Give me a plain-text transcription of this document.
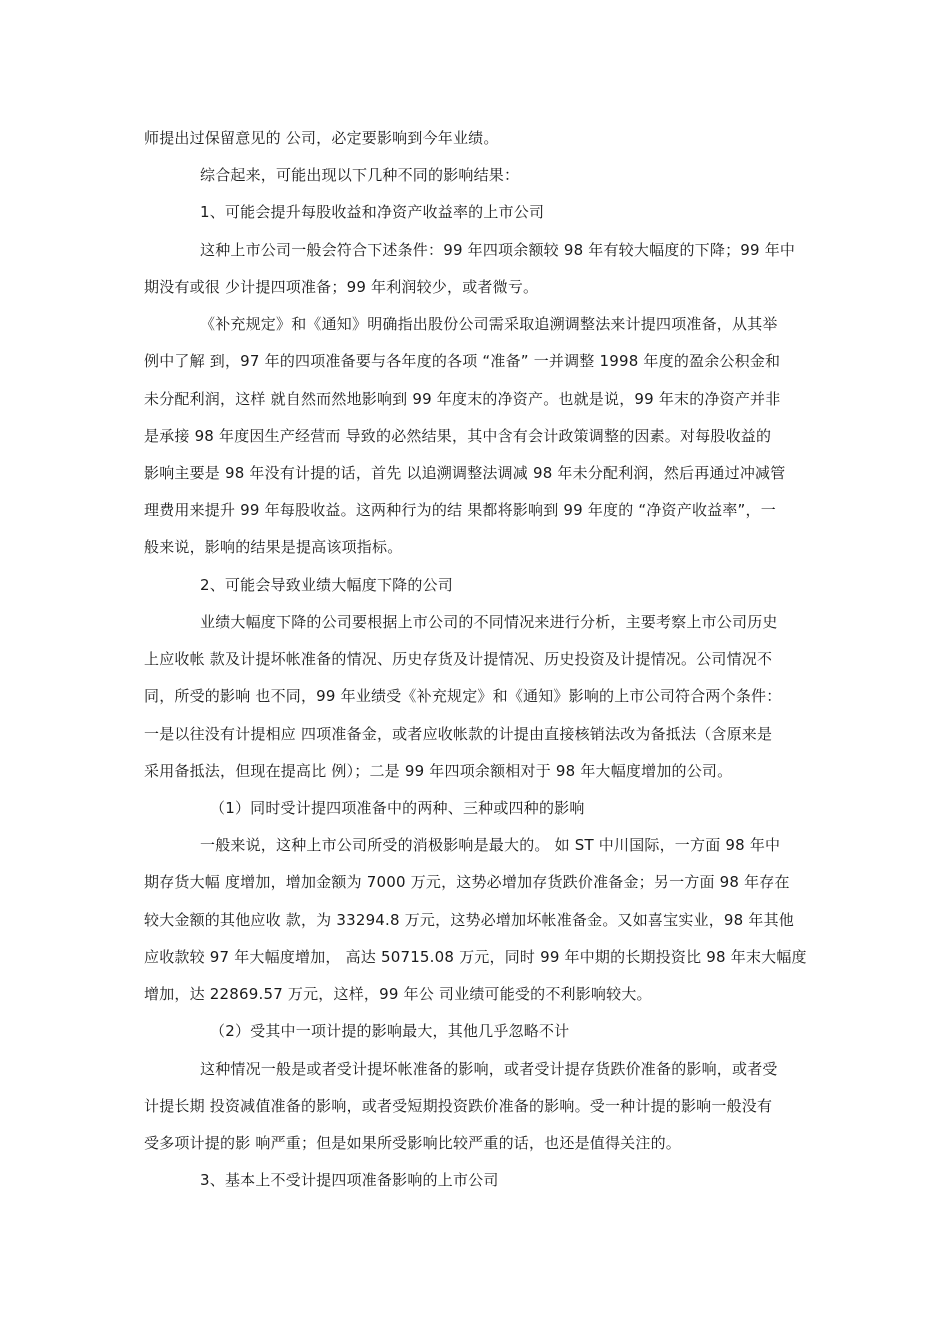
师提出过保留意见的 公司，必定要影响到今年业绩。
综合起来，可能出现以下几种不同的影响结果：
1、可能会提升每股收益和净资产收益率的上市公司
这种上市公司一般会符合下述条件：99 年四项余额较 98 年有较大幅度的下降；99 年中
期没有或很 少计提四项准备；99 年利润较少，或者微亏。
《补充规定》和《通知》明确指出股份公司需采取追溯调整法来计提四项准备，从其举
例中了解 到，97 年的四项准备要与各年度的各项 “准备” 一并调整 1998 年度的盈余公积金和
未分配利润，这样 就自然而然地影响到 99 年度末的净资产。也就是说，99 年末的净资产并非
是承接 98 年度因生产经营而 导致的必然结果，其中含有会计政策调整的因素。对每股收益的
影响主要是 98 年没有计提的话，首先 以追溯调整法调减 98 年未分配利润，然后再通过冲减管
理费用来提升 99 年每股收益。这两种行为的结 果都将影响到 99 年度的 “净资产收益率”，一
般来说，影响的结果是提高该项指标。
2、可能会导致业绩大幅度下降的公司
业绩大幅度下降的公司要根据上市公司的不同情况来进行分析，主要考察上市公司历史
上应收帐 款及计提坏帐准备的情况、历史存货及计提情况、历史投资及计提情况。公司情况不
同，所受的影响 也不同，99 年业绩受《补充规定》和《通知》影响的上市公司符合两个条件：
一是以往没有计提相应 四项准备金，或者应收帐款的计提由直接核销法改为备抵法（含原来是
采用备抵法，但现在提高比 例）；二是 99 年四项余额相对于 98 年大幅度增加的公司。
（1）同时受计提四项准备中的两种、三种或四种的影响
一般来说，这种上市公司所受的消极影响是最大的。 如 ST 中川国际，一方面 98 年中
期存货大幅 度增加，增加金额为 7000 万元，这势必增加存货跌价准备金；另一方面 98 年存在
较大金额的其他应收 款，为 33294.8 万元，这势必增加坏帐准备金。又如喜宝实业，98 年其他
应收款较 97 年大幅度增加， 高达 50715.08 万元，同时 99 年中期的长期投资比 98 年末大幅度
增加，达 22869.57 万元，这样，99 年公 司业绩可能受的不利影响较大。
（2）受其中一项计提的影响最大，其他几乎忽略不计
这种情况一般是或者受计提坏帐准备的影响，或者受计提存货跌价准备的影响，或者受
计提长期 投资减值准备的影响，或者受短期投资跌价准备的影响。受一种计提的影响一般没有
受多项计提的影 响严重；但是如果所受影响比较严重的话，也还是值得关注的。
3、基本上不受计提四项准备影响的上市公司
